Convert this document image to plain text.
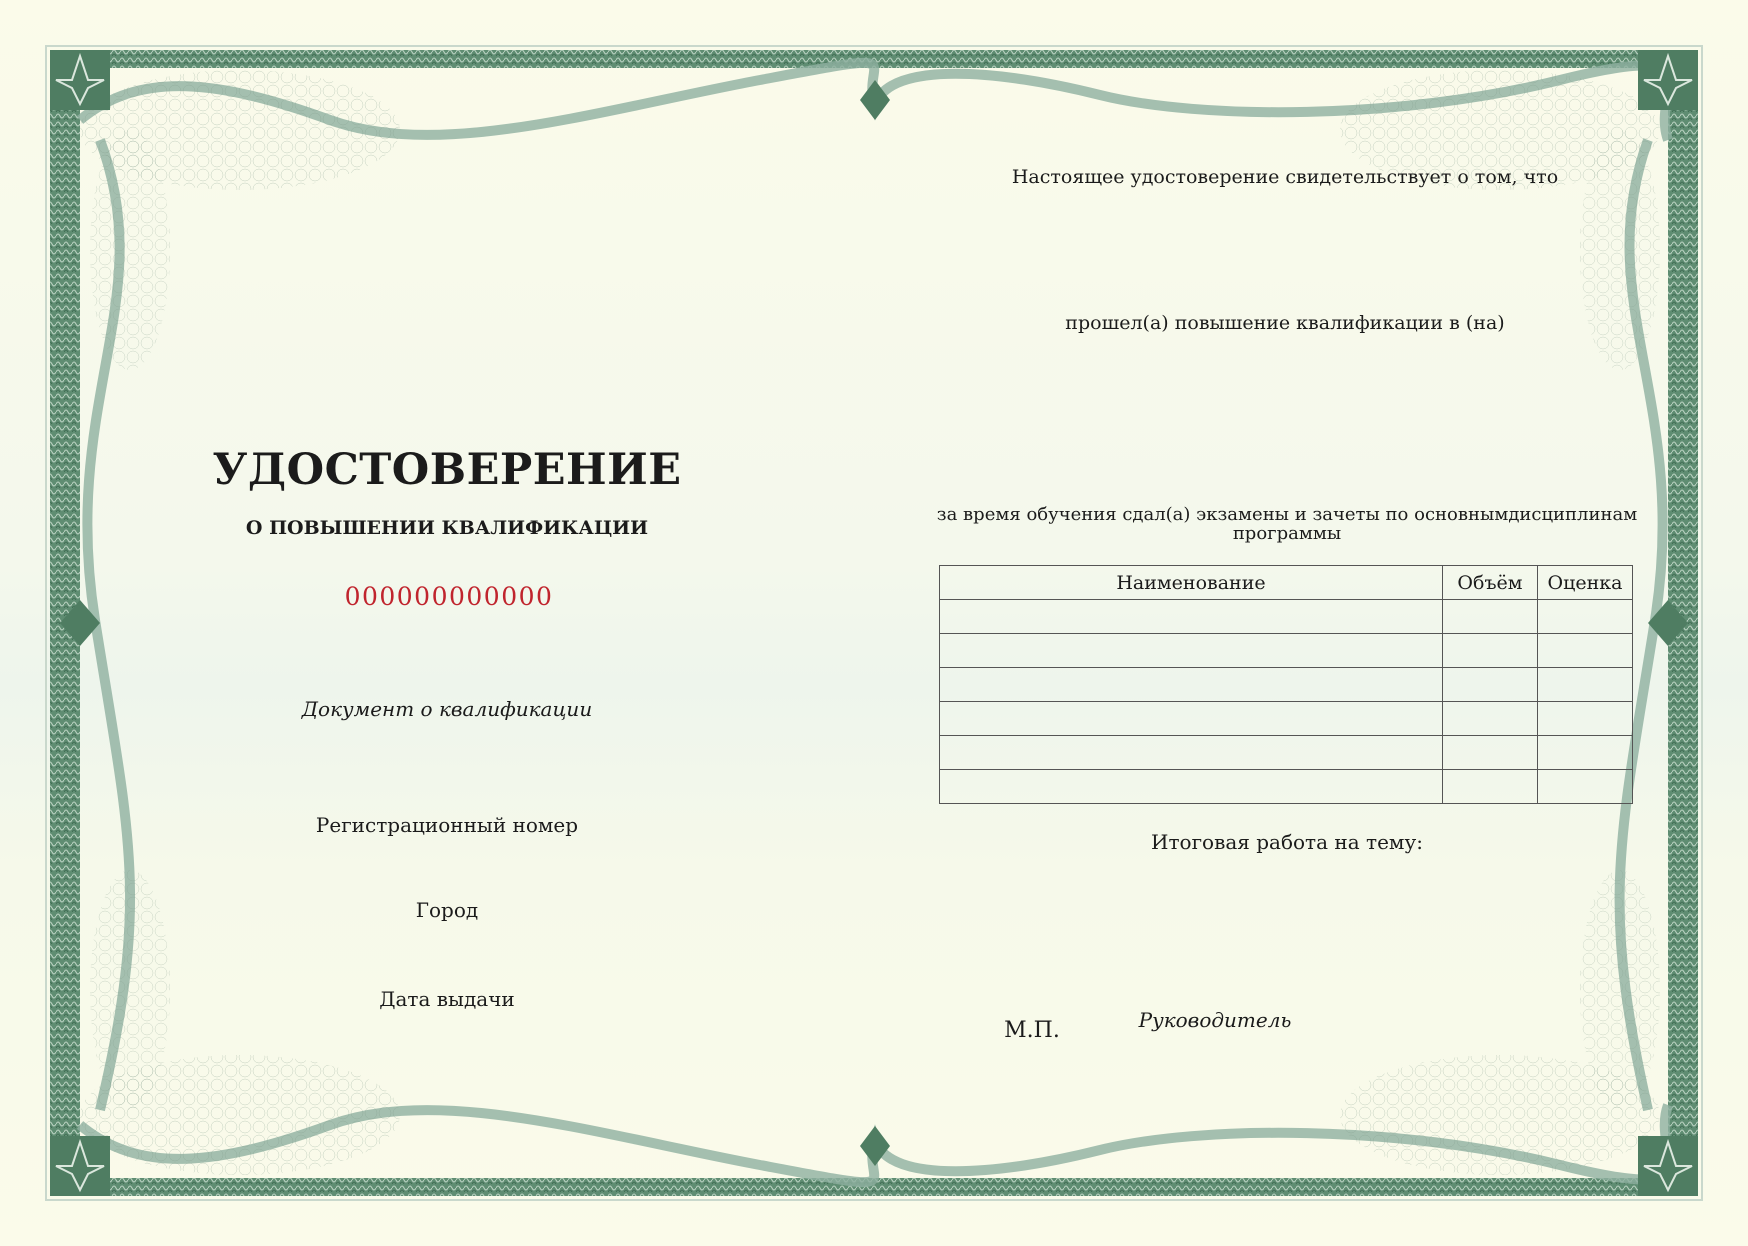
УДОСТОВЕРЕНИЕ
О ПОВЫШЕНИИ КВАЛИФИКАЦИИ
000000000000
Документ о квалификации
Регистрационный номер
Город
Дата выдачи
Настоящее удостоверение свидетельствует о том, что
прошел(а) повышение квалификации в (на)
за время обучения сдал(а) экзамены и зачеты по основнымдисциплинам программы
Наименование	Объём	Оценка

Итоговая работа на тему:
М.П.	Руководитель
